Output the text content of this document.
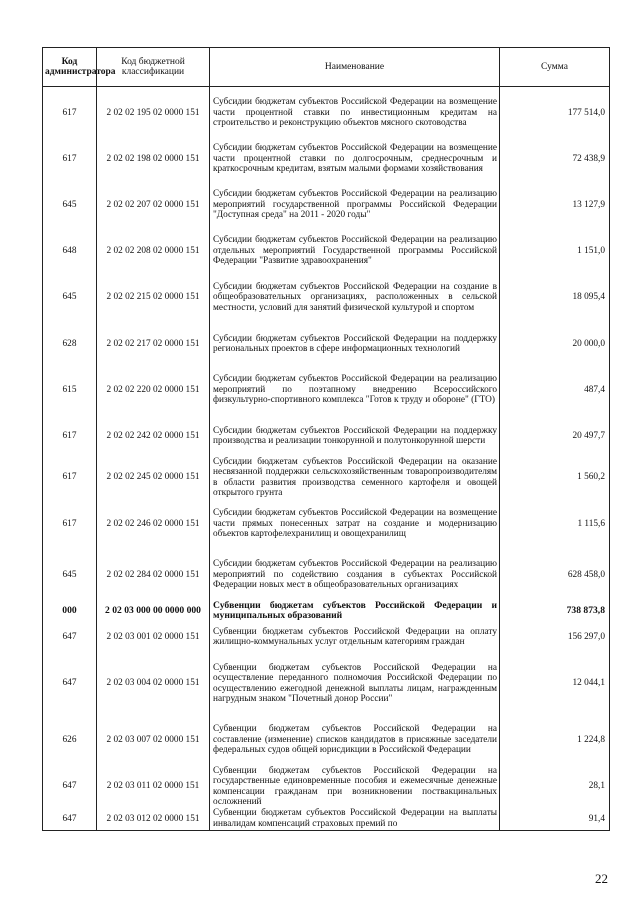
Код администратора	Код бюджетной классификации	Наименование	Сумма
617	2 02 02 195 02 0000 151	Субсидии бюджетам субъектов Российской Федерации на возмещение части процентной ставки по инвестиционным кредитам на строительство и реконструкцию объектов мясного скотоводства	177 514,0
617	2 02 02 198 02 0000 151	Субсидии бюджетам субъектов Российской Федерации на возмещение части процентной ставки по долгосрочным, среднесрочным и краткосрочным кредитам, взятым малыми формами хозяйствования	72 438,9
645	2 02 02 207 02 0000 151	Субсидии бюджетам субъектов Российской Федерации на реализацию мероприятий государственной программы Российской Федерации "Доступная среда" на 2011 - 2020 годы"	13 127,9
648	2 02 02 208 02 0000 151	Субсидии бюджетам субъектов Российской Федерации на реализацию отдельных мероприятий Государственной программы Российской Федерации "Развитие здравоохранения"	1 151,0
645	2 02 02 215 02 0000 151	Субсидии бюджетам субъектов Российской Федерации на создание в общеобразовательных организациях, расположенных в сельской местности, условий для занятий физической культурой и спортом	18 095,4
628	2 02 02 217 02 0000 151	Субсидии бюджетам субъектов Российской Федерации на поддержку региональных проектов в сфере информационных технологий	20 000,0
615	2 02 02 220 02 0000 151	Субсидии бюджетам субъектов Российской Федерации на реализацию мероприятий по поэтапному внедрению Всероссийского физкультурно-спортивного комплекса "Готов к труду и обороне" (ГТО)	487,4
617	2 02 02 242 02 0000 151	Субсидии бюджетам субъектов Российской Федерации на поддержку производства и реализации тонкорунной и полутонкорунной шерсти	20 497,7
617	2 02 02 245 02 0000 151	Субсидии бюджетам субъектов Российской Федерации на оказание несвязанной поддержки сельскохозяйственным товаропроизводителям в области развития производства семенного картофеля и овощей открытого грунта	1 560,2
617	2 02 02 246 02 0000 151	Субсидии бюджетам субъектов Российской Федерации на возмещение части прямых понесенных затрат на создание и модернизацию объектов картофелехранилищ и овощехранилищ	1 115,6
645	2 02 02 284 02 0000 151	Субсидии бюджетам субъектов Российской Федерации на реализацию мероприятий по содействию создания в субъектах Российской Федерации новых мест в общеобразовательных организациях	628 458,0
000	2 02 03 000 00 0000 000	Субвенции бюджетам субъектов Российской Федерации и муниципальных образований	738 873,8
647	2 02 03 001 02 0000 151	Субвенции бюджетам субъектов Российской Федерации на оплату жилищно-коммунальных услуг отдельным категориям граждан	156 297,0
647	2 02 03 004 02 0000 151	Субвенции бюджетам субъектов Российской Федерации на осуществление переданного полномочия Российской Федерации по осуществлению ежегодной денежной выплаты лицам, награжденным нагрудным знаком "Почетный донор России"	12 044,1
626	2 02 03 007 02 0000 151	Субвенции бюджетам субъектов Российской Федерации на составление (изменение) списков кандидатов в присяжные заседатели федеральных судов общей юрисдикции в Российской Федерации	1 224,8
647	2 02 03 011 02 0000 151	Субвенции бюджетам субъектов Российской Федерации на государственные единовременные пособия и ежемесячные денежные компенсации гражданам при возникновении поствакцинальных осложнений	28,1
647	2 02 03 012 02 0000 151	Субвенции бюджетам субъектов Российской Федерации на выплаты инвалидам компенсаций страховых премий по	91,4
22
